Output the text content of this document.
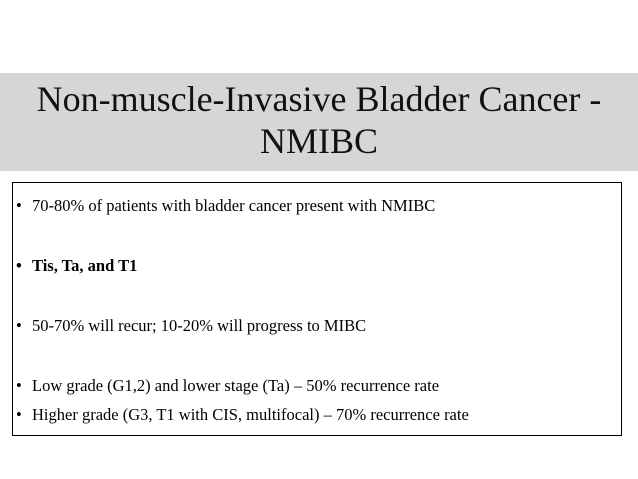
Non-muscle-Invasive Bladder Cancer -
NMIBC
• 70-80% of patients with bladder cancer present with NMIBC
• Tis, Ta, and T1
• 50-70% will recur; 10-20% will progress to MIBC
• Low grade (G1,2) and lower stage (Ta) – 50% recurrence rate
• Higher grade (G3, T1 with CIS, multifocal) – 70% recurrence rate
